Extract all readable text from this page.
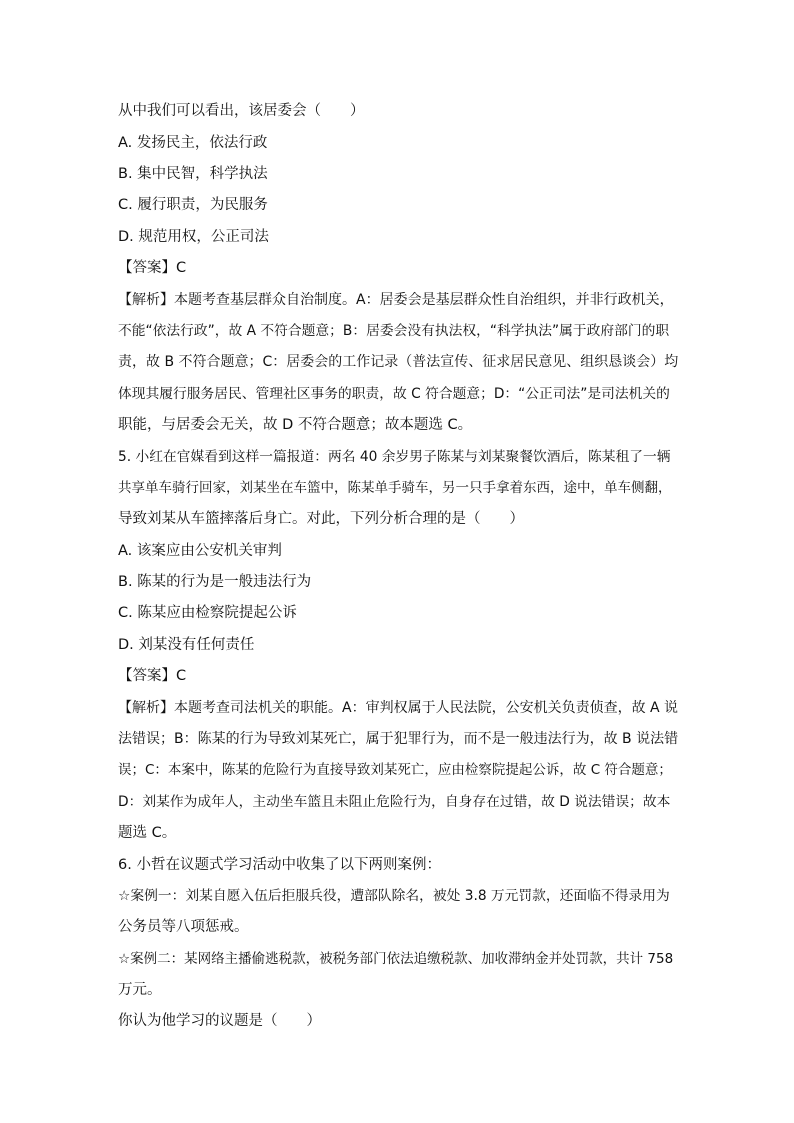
从中我们可以看出，该居委会（　　）
A. 发扬民主，依法行政
B. 集中民智，科学执法
C. 履行职责，为民服务
D. 规范用权，公正司法
【答案】C
【解析】本题考查基层群众自治制度。A：居委会是基层群众性自治组织，并非行政机关，
不能“依法行政”，故 A 不符合题意；B：居委会没有执法权，“科学执法”属于政府部门的职
责，故 B 不符合题意；C：居委会的工作记录（普法宣传、征求居民意见、组织恳谈会）均
体现其履行服务居民、管理社区事务的职责，故 C 符合题意；D：“公正司法”是司法机关的
职能，与居委会无关，故 D 不符合题意；故本题选 C。
5. 小红在官媒看到这样一篇报道：两名 40 余岁男子陈某与刘某聚餐饮酒后，陈某租了一辆
共享单车骑行回家，刘某坐在车篮中，陈某单手骑车，另一只手拿着东西，途中，单车侧翻，
导致刘某从车篮摔落后身亡。对此，下列分析合理的是（　　）
A. 该案应由公安机关审判
B. 陈某的行为是一般违法行为
C. 陈某应由检察院提起公诉
D. 刘某没有任何责任
【答案】C
【解析】本题考查司法机关的职能。A：审判权属于人民法院，公安机关负责侦查，故 A 说
法错误；B：陈某的行为导致刘某死亡，属于犯罪行为，而不是一般违法行为，故 B 说法错
误；C：本案中，陈某的危险行为直接导致刘某死亡，应由检察院提起公诉，故 C 符合题意；
D：刘某作为成年人，主动坐车篮且未阻止危险行为，自身存在过错，故 D 说法错误；故本
题选 C。
6. 小哲在议题式学习活动中收集了以下两则案例：
☆案例一：刘某自愿入伍后拒服兵役，遭部队除名，被处 3.8 万元罚款，还面临不得录用为
公务员等八项惩戒。
☆案例二：某网络主播偷逃税款，被税务部门依法追缴税款、加收滞纳金并处罚款，共计 758
万元。
你认为他学习的议题是（　　）
